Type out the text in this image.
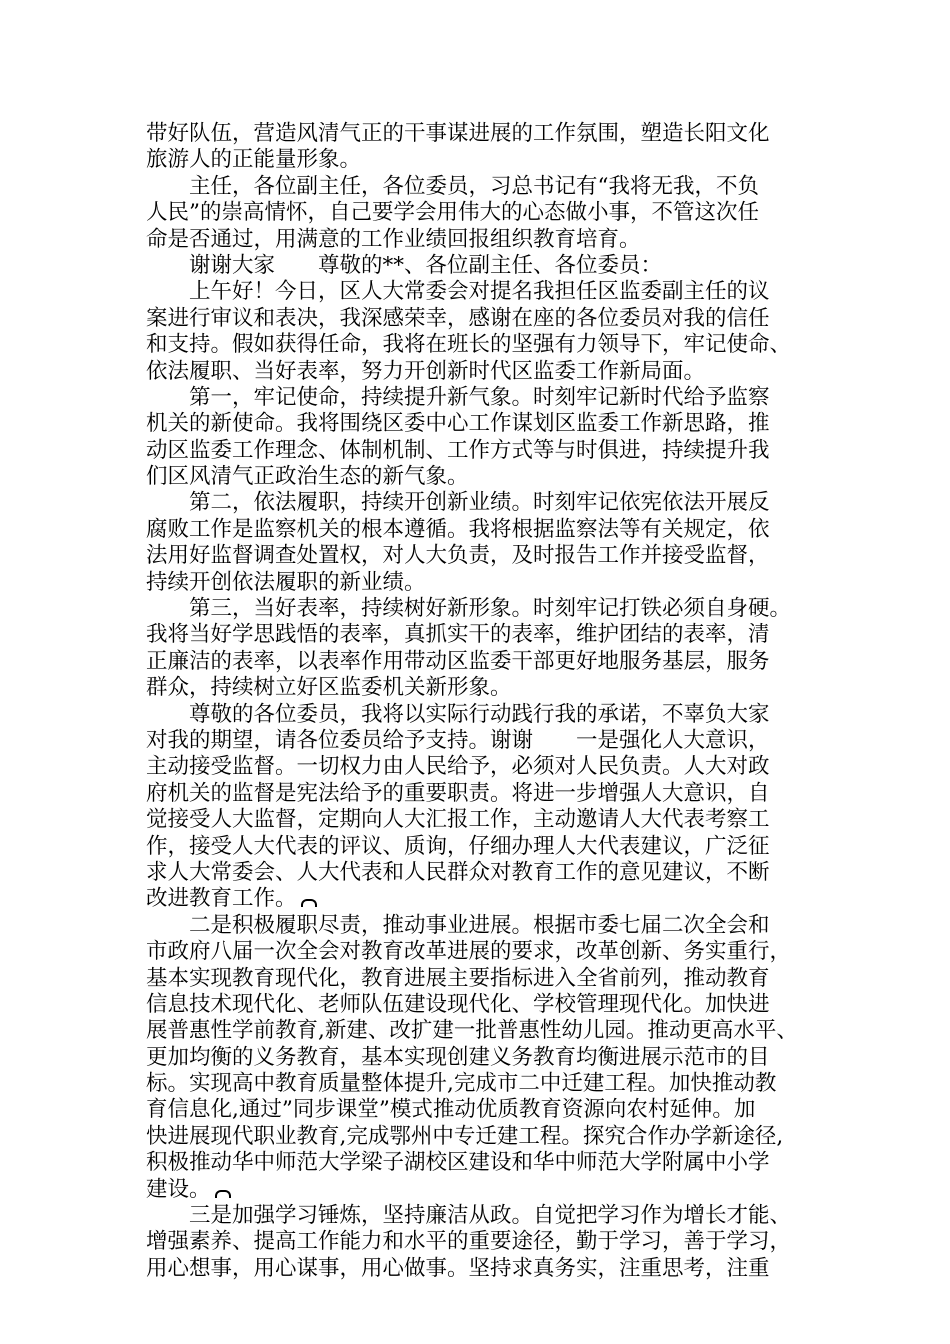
带好队伍，营造风清气正的干事谋进展的工作氛围，塑造长阳文化
旅游人的正能量形象。
　　主任，各位副主任，各位委员，习总书记有“我将无我，不负
人民”的崇高情怀，自己要学会用伟大的心态做小事，不管这次任
命是否通过，用满意的工作业绩回报组织教育培育。
　　谢谢大家　　尊敬的**、各位副主任、各位委员：
　　上午好！今日，区人大常委会对提名我担任区监委副主任的议
案进行审议和表决，我深感荣幸，感谢在座的各位委员对我的信任
和支持。假如获得任命，我将在班长的坚强有力领导下，牢记使命、
依法履职、当好表率，努力开创新时代区监委工作新局面。
　　第一，牢记使命，持续提升新气象。时刻牢记新时代给予监察
机关的新使命。我将围绕区委中心工作谋划区监委工作新思路，推
动区监委工作理念、体制机制、工作方式等与时俱进，持续提升我
们区风清气正政治生态的新气象。
　　第二，依法履职，持续开创新业绩。时刻牢记依宪依法开展反
腐败工作是监察机关的根本遵循。我将根据监察法等有关规定，依
法用好监督调查处置权，对人大负责，及时报告工作并接受监督，
持续开创依法履职的新业绩。
　　第三，当好表率，持续树好新形象。时刻牢记打铁必须自身硬。
我将当好学思践悟的表率，真抓实干的表率，维护团结的表率，清
正廉洁的表率，以表率作用带动区监委干部更好地服务基层，服务
群众，持续树立好区监委机关新形象。
　　尊敬的各位委员，我将以实际行动践行我的承诺，不辜负大家
对我的期望，请各位委员给予支持。谢谢　　一是强化人大意识，
主动接受监督。一切权力由人民给予，必须对人民负责。人大对政
府机关的监督是宪法给予的重要职责。将进一步增强人大意识，自
觉接受人大监督，定期向人大汇报工作，主动邀请人大代表考察工
作，接受人大代表的评议、质询，仔细办理人大代表建议，广泛征
求人大常委会、人大代表和人民群众对教育工作的意见建议，不断
改进教育工作。
　　二是积极履职尽责，推动事业进展。根据市委七届二次全会和
市政府八届一次全会对教育改革进展的要求，改革创新、务实重行，
基本实现教育现代化，教育进展主要指标进入全省前列，推动教育
信息技术现代化、老师队伍建设现代化、学校管理现代化。加快进
展普惠性学前教育,新建、改扩建一批普惠性幼儿园。推动更高水平、
更加均衡的义务教育，基本实现创建义务教育均衡进展示范市的目
标。实现高中教育质量整体提升,完成市二中迁建工程。加快推动教
育信息化,通过”同步课堂”模式推动优质教育资源向农村延伸。加
快进展现代职业教育,完成鄂州中专迁建工程。探究合作办学新途径,
积极推动华中师范大学梁子湖校区建设和华中师范大学附属中小学
建设。
　　三是加强学习锤炼，坚持廉洁从政。自觉把学习作为增长才能、
增强素养、提高工作能力和水平的重要途径，勤于学习，善于学习，
用心想事，用心谋事，用心做事。坚持求真务实，注重思考，注重
